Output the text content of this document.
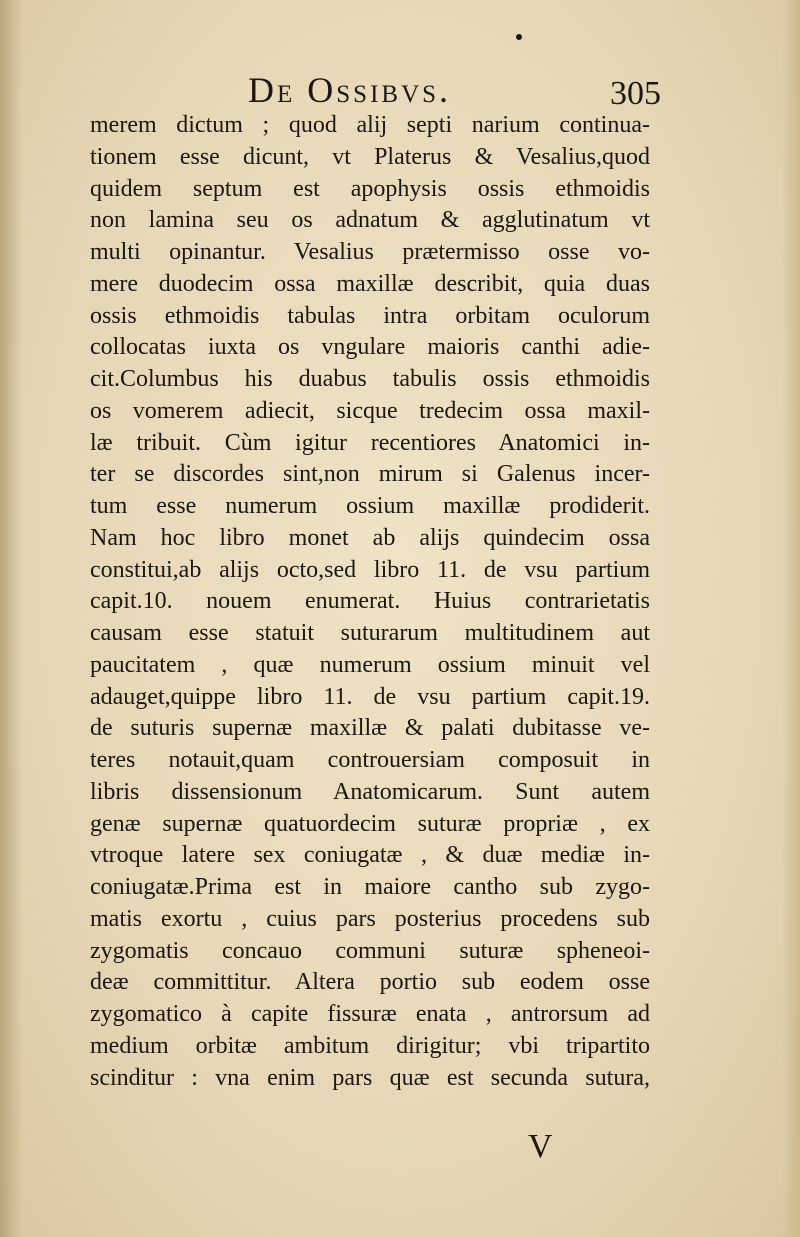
De Ossibvs.	305
merem dictum ; quod alij septi narium continua-
tionem esse dicunt, vt Platerus & Vesalius,quod
quidem septum est apophysis ossis ethmoidis
non lamina seu os adnatum & agglutinatum vt
multi opinantur. Vesalius prætermisso osse vo-
mere duodecim ossa maxillæ describit, quia duas
ossis ethmoidis tabulas intra orbitam oculorum
collocatas iuxta os vngulare maioris canthi adie-
cit.Columbus his duabus tabulis ossis ethmoidis
os vomerem adiecit, sicque tredecim ossa maxil-
læ tribuit. Cùm igitur recentiores Anatomici in-
ter se discordes sint,non mirum si Galenus incer-
tum esse numerum ossium maxillæ prodiderit.
Nam hoc libro monet ab alijs quindecim ossa
constitui,ab alijs octo,sed libro 11. de vsu partium
capit.10. nouem enumerat. Huius contrarietatis
causam esse statuit suturarum multitudinem aut
paucitatem , quæ numerum ossium minuit vel
adauget,quippe libro 11. de vsu partium capit.19.
de suturis supernæ maxillæ & palati dubitasse ve-
teres notauit,quam controuersiam composuit in
libris dissensionum Anatomicarum. Sunt autem
genæ supernæ quatuordecim suturæ propriæ , ex
vtroque latere sex coniugatæ , & duæ mediæ in-
coniugatæ.Prima est in maiore cantho sub zygo-
matis exortu , cuius pars posterius procedens sub
zygomatis concauo communi suturæ spheneoi-
deæ committitur. Altera portio sub eodem osse
zygomatico à capite fissuræ enata , antrorsum ad
medium orbitæ ambitum dirigitur; vbi tripartito
scinditur : vna enim pars quæ est secunda sutura,
V
